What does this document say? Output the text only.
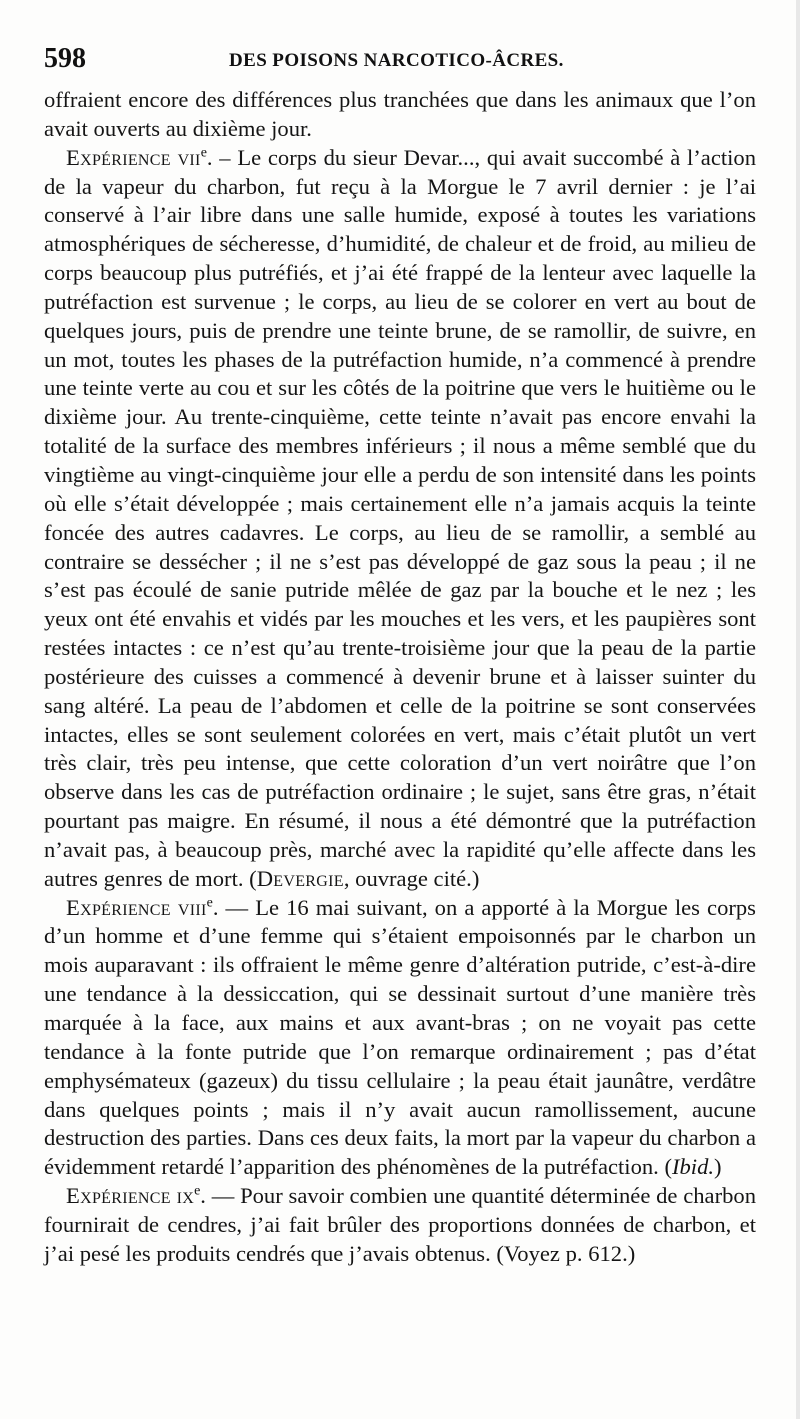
598	DES POISONS NARCOTICO-ÂCRES.

offraient encore des différences plus tranchées que dans les animaux que l’on avait ouverts au dixième jour.

Expérience vii$^e$. – Le corps du sieur Devar..., qui avait succombé à l’action de la vapeur du charbon, fut reçu à la Morgue le 7 avril dernier : je l’ai conservé à l’air libre dans une salle humide, exposé à toutes les variations atmosphériques de sécheresse, d’humidité, de chaleur et de froid, au milieu de corps beaucoup plus putréfiés, et j’ai été frappé de la lenteur avec laquelle la putréfaction est survenue ; le corps, au lieu de se colorer en vert au bout de quelques jours, puis de prendre une teinte brune, de se ramollir, de suivre, en un mot, toutes les phases de la putréfaction humide, n’a commencé à prendre une teinte verte au cou et sur les côtés de la poitrine que vers le huitième ou le dixième jour. Au trente-cinquième, cette teinte n’avait pas encore envahi la totalité de la surface des membres inférieurs ; il nous a même semblé que du vingtième au vingt-cinquième jour elle a perdu de son intensité dans les points où elle s’était développée ; mais certainement elle n’a jamais acquis la teinte foncée des autres cadavres. Le corps, au lieu de se ramollir, a semblé au contraire se dessécher ; il ne s’est pas développé de gaz sous la peau ; il ne s’est pas écoulé de sanie putride mêlée de gaz par la bouche et le nez ; les yeux ont été envahis et vidés par les mouches et les vers, et les paupières sont restées intactes : ce n’est qu’au trente-troisième jour que la peau de la partie postérieure des cuisses a commencé à devenir brune et à laisser suinter du sang altéré. La peau de l’abdomen et celle de la poitrine se sont conservées intactes, elles se sont seulement colorées en vert, mais c’était plutôt un vert très clair, très peu intense, que cette coloration d’un vert noirâtre que l’on observe dans les cas de putréfaction ordinaire ; le sujet, sans être gras, n’était pourtant pas maigre. En résumé, il nous a été démontré que la putréfaction n’avait pas, à beaucoup près, marché avec la rapidité qu’elle affecte dans les autres genres de mort. (Devergie, ouvrage cité.)

Expérience viii$^e$. — Le 16 mai suivant, on a apporté à la Morgue les corps d’un homme et d’une femme qui s’étaient empoisonnés par le charbon un mois auparavant : ils offraient le même genre d’altération putride, c’est-à-dire une tendance à la dessiccation, qui se dessinait surtout d’une manière très marquée à la face, aux mains et aux avant-bras ; on ne voyait pas cette tendance à la fonte putride que l’on remarque ordinairement ; pas d’état emphysémateux (gazeux) du tissu cellulaire ; la peau était jaunâtre, verdâtre dans quelques points ; mais il n’y avait aucun ramollissement, aucune destruction des parties. Dans ces deux faits, la mort par la vapeur du charbon a évidemment retardé l’apparition des phénomènes de la putréfaction. (Ibid.)

Expérience $ix^e$. — Pour savoir combien une quantité déterminée de charbon fournirait de cendres, j’ai fait brûler des proportions données de charbon, et j’ai pesé les produits cendrés que j’avais obtenus. (Voyez p. 612.)
